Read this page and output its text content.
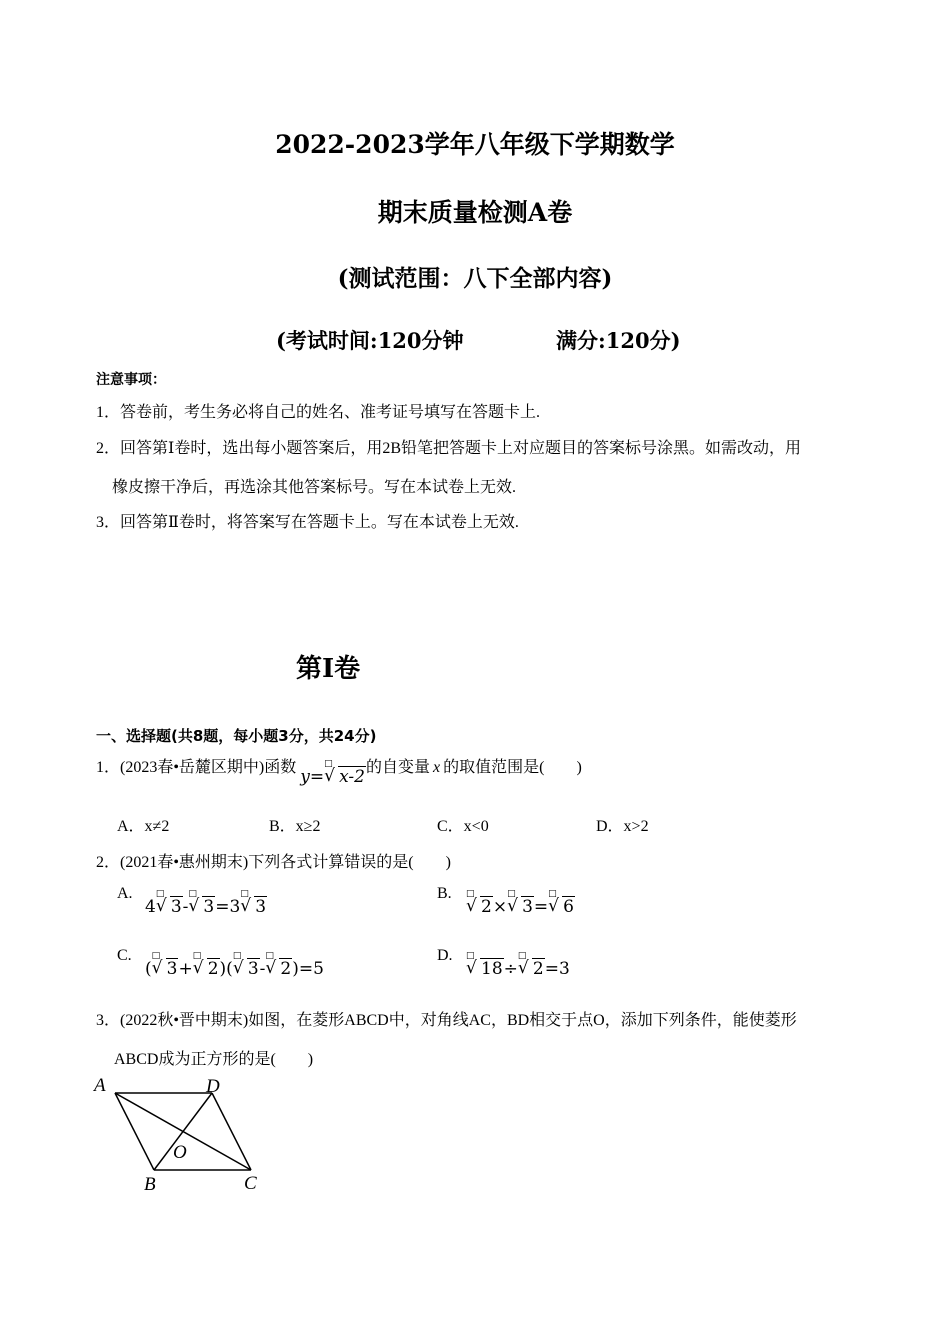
2022-2023学年八年级下学期数学
期末质量检测A卷
(测试范围：八下全部内容)
(考试时间:120分钟	满分:120分)
注意事项：
1．答卷前，考生务必将自己的姓名、准考证号填写在答题卡上.
2．回答第Ⅰ卷时，选出每小题答案后，用2B铅笔把答题卡上对应题目的答案标号涂黑。如需改动，用
橡皮擦干净后，再选涂其他答案标号。写在本试卷上无效.
3．回答第Ⅱ卷时，将答案写在答题卡上。写在本试卷上无效.
第Ⅰ卷
一、选择题(共8题，每小题3分，共24分)
1．(2023春•岳麓区期中)函数 y=
√ □
x-2的自变量 x 的取值范围是(　　)
A．x≠2	B．x≥2	C．x<0	D．x>2
2．(2021春•惠州期末)下列各式计算错误的是(　　)
A.
4
√ □
3-
√ □
3=3
√ □
3
B. √ □
2×
√ □
3=
√ □
6
C.
(
√ □
3+
√ □
2)(
√ □
3-
√ □
2)=5
D. √ □
18÷
√ □
2=3
3．(2022秋•晋中期末)如图，在菱形ABCD中，对角线AC，BD相交于点O，添加下列条件，能使菱形
ABCD成为正方形的是(　　)
A	D
O
B	C
